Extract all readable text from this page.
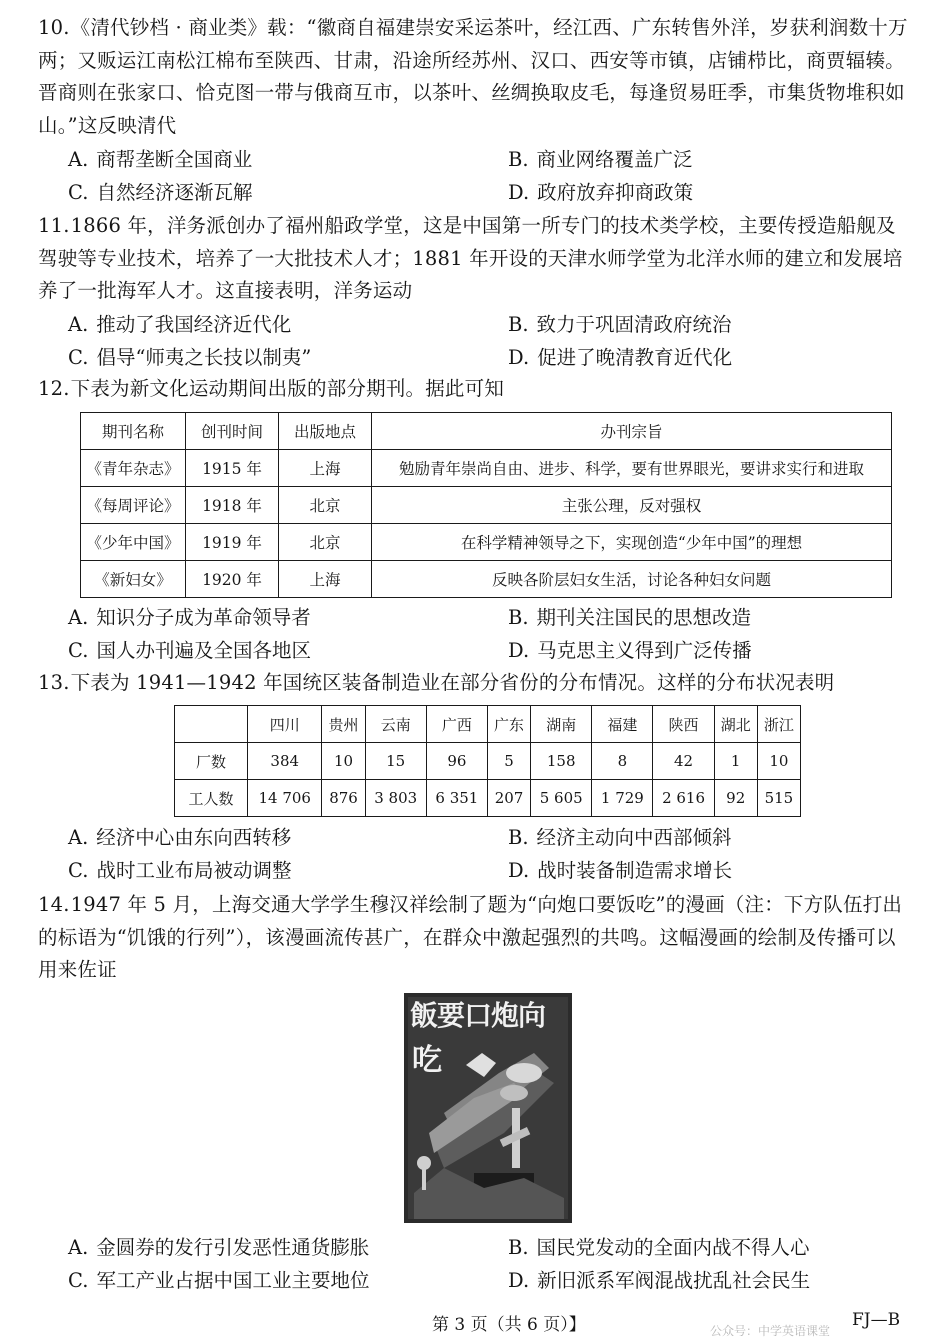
10.《清代钞档 · 商业类》载：“徽商自福建崇安采运茶叶，经江西、广东转售外洋，岁获利润数十万两；又贩运江南松江棉布至陕西、甘肃，沿途所经苏州、汉口、西安等市镇，店铺栉比，商贾辐辏。晋商则在张家口、恰克图一带与俄商互市，以茶叶、丝绸换取皮毛，每逢贸易旺季，市集货物堆积如山。”这反映清代
A. 商帮垄断全国商业	B. 商业网络覆盖广泛
C. 自然经济逐渐瓦解	D. 政府放弃抑商政策
11.1866 年，洋务派创办了福州船政学堂，这是中国第一所专门的技术类学校，主要传授造船舰及驾驶等专业技术，培养了一大批技术人才；1881 年开设的天津水师学堂为北洋水师的建立和发展培养了一批海军人才。这直接表明，洋务运动
A. 推动了我国经济近代化	B. 致力于巩固清政府统治
C. 倡导“师夷之长技以制夷”	D. 促进了晚清教育近代化
12.下表为新文化运动期间出版的部分期刊。据此可知
期刊名称	创刊时间	出版地点	办刊宗旨
《青年杂志》	1915 年	上海	勉励青年崇尚自由、进步、科学，要有世界眼光，要讲求实行和进取
《每周评论》	1918 年	北京	主张公理，反对强权
《少年中国》	1919 年	北京	在科学精神领导之下，实现创造“少年中国”的理想
《新妇女》	1920 年	上海	反映各阶层妇女生活，讨论各种妇女问题
A. 知识分子成为革命领导者	B. 期刊关注国民的思想改造
C. 国人办刊遍及全国各地区	D. 马克思主义得到广泛传播
13.下表为 1941—1942 年国统区装备制造业在部分省份的分布情况。这样的分布状况表明
	四川	贵州	云南	广西	广东	湖南	福建	陕西	湖北	浙江
厂数	384	10	15	96	5	158	8	42	1	10
工人数	14 706	876	3 803	6 351	207	5 605	1 729	2 616	92	515
A. 经济中心由东向西转移	B. 经济主动向中西部倾斜
C. 战时工业布局被动调整	D. 战时装备制造需求增长
14.1947 年 5 月，上海交通大学学生穆汉祥绘制了题为“向炮口要饭吃”的漫画（注：下方队伍打出的标语为“饥饿的行列”），该漫画流传甚广，在群众中激起强烈的共鸣。这幅漫画的绘制及传播可以用来佐证
飯要口炮向
吃
A. 金圆券的发行引发恶性通货膨胀	B. 国民党发动的全面内战不得人心
C. 军工产业占据中国工业主要地位	D. 新旧派系军阀混战扰乱社会民生
第 3 页（共 6 页）】	FJ—B
公众号：中学英语课堂
